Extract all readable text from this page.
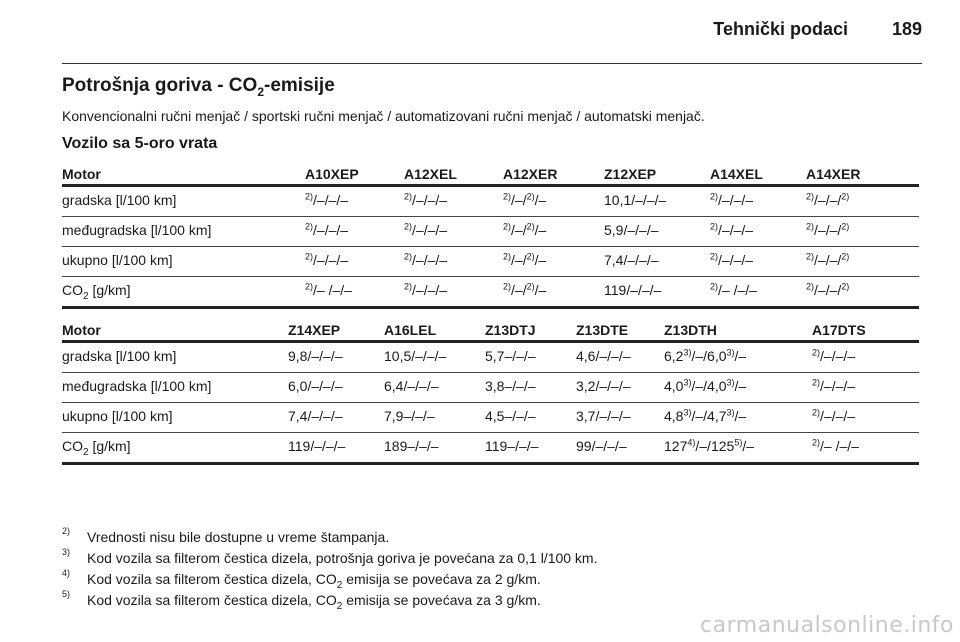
Tehnički podaci 189
Potrošnja goriva - $CO_2$-emisije
Konvencionalni ručni menjač / sportski ručni menjač / automatizovani ručni menjač / automatski menjač.
Vozilo sa 5-oro vrata
Motor	A10XEP	A12XEL	A12XER	Z12XEP	A14XEL	A14XER
gradska [l/100 km]	$^{2)}$/–/–/–	$^{2)}$/–/–/–	$^{2)}$/–/$^{2)}$/–	10,1/–/–/–	$^{2)}$/–/–/–	$^{2)}$/–/–/$^{2)}$
međugradska [l/100 km]	$^{2)}$/–/–/–	$^{2)}$/–/–/–	$^{2)}$/–/$^{2)}$/–	5,9/–/–/–	$^{2)}$/–/–/–	$^{2)}$/–/–/$^{2)}$
ukupno [l/100 km]	$^{2)}$/–/–/–	$^{2)}$/–/–/–	$^{2)}$/–/$^{2)}$/–	7,4/–/–/–	$^{2)}$/–/–/–	$^{2)}$/–/–/$^{2)}$
$CO_2$ [g/km]	$^{2)}$/– /–/–	$^{2)}$/–/–/–	$^{2)}$/–/$^{2)}$/–	119/–/–/–	$^{2)}$/– /–/–	$^{2)}$/–/–/$^{2)}$
Motor	Z14XEP	A16LEL	Z13DTJ	Z13DTE	Z13DTH	A17DTS
gradska [l/100 km]	9,8/–/–/–	10,5/–/–/–	5,7–/–/–	4,6/–/–/–	6,2$^{3)}$/–/6,0$^{3)}$/–	$^{2)}$/–/–/–
međugradska [l/100 km]	6,0/–/–/–	6,4/–/–/–	3,8–/–/–	3,2/–/–/–	4,0$^{3)}$/–/4,0$^{3)}$/–	$^{2)}$/–/–/–
ukupno [l/100 km]	7,4/–/–/–	7,9–/–/–	4,5–/–/–	3,7/–/–/–	4,8$^{3)}$/–/4,7$^{3)}$/–	$^{2)}$/–/–/–
$CO_2$ [g/km]	119/–/–/–	189–/–/–	119–/–/–	99/–/–/–	127$^{4)}$/–/125$^{5)}$/–	$^{2)}$/– /–/–
2) Vrednosti nisu bile dostupne u vreme štampanja.
3) Kod vozila sa filterom čestica dizela, potrošnja goriva je povećana za 0,1 l/100 km.
4) Kod vozila sa filterom čestica dizela, $CO_2$ emisija se povećava za 2 g/km.
5) Kod vozila sa filterom čestica dizela, $CO_2$ emisija se povećava za 3 g/km.
carmanualsonline.info
